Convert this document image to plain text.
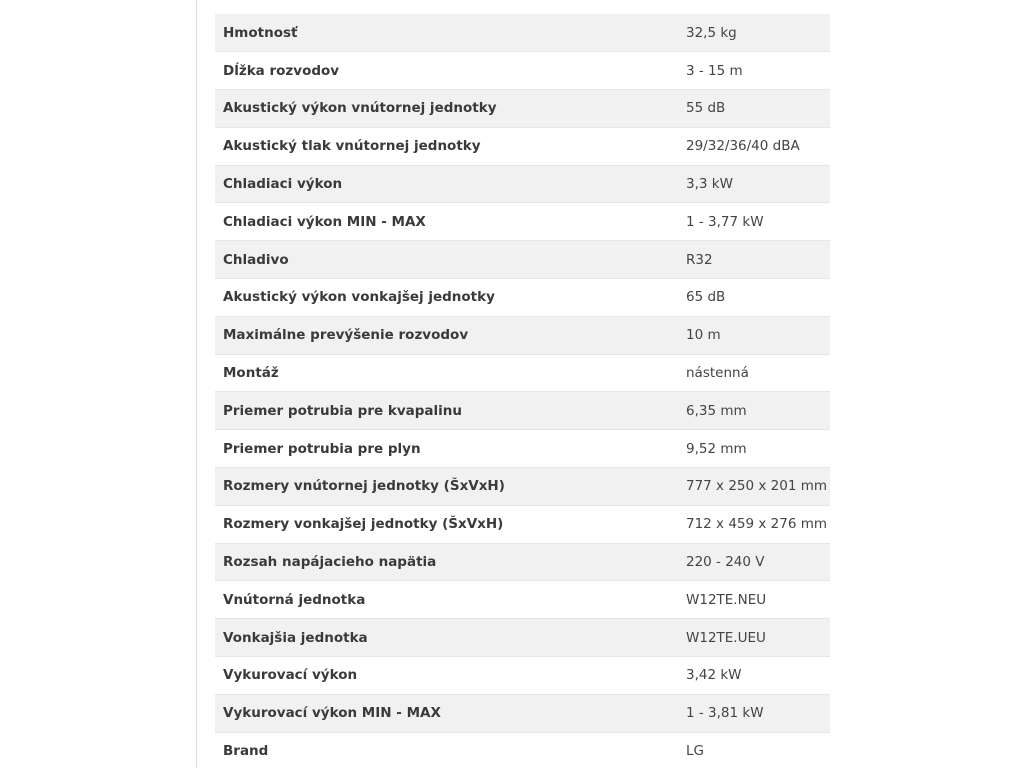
Hmotnosť	32,5 kg
Dĺžka rozvodov	3 - 15 m
Akustický výkon vnútornej jednotky	55 dB
Akustický tlak vnútornej jednotky	29/32/36/40 dBA
Chladiaci výkon	3,3 kW
Chladiaci výkon MIN - MAX	1 - 3,77 kW
Chladivo	R32
Akustický výkon vonkajšej jednotky	65 dB
Maximálne prevýšenie rozvodov	10 m
Montáž	nástenná
Priemer potrubia pre kvapalinu	6,35 mm
Priemer potrubia pre plyn	9,52 mm
Rozmery vnútornej jednotky (ŠxVxH)	777 x 250 x 201 mm
Rozmery vonkajšej jednotky (ŠxVxH)	712 x 459 x 276 mm
Rozsah napájacieho napätia	220 - 240 V
Vnútorná jednotka	W12TE.NEU
Vonkajšia jednotka	W12TE.UEU
Vykurovací výkon	3,42 kW
Vykurovací výkon MIN - MAX	1 - 3,81 kW
Brand	LG
